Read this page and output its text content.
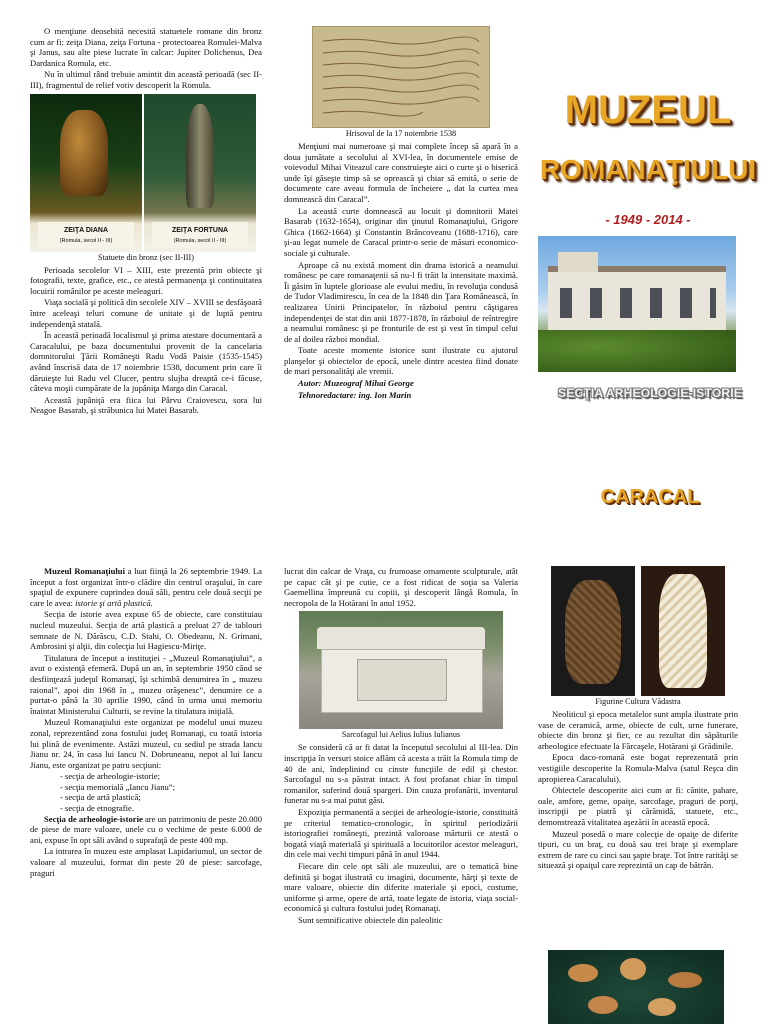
O menţiune deosebită necesită statuetele romane din bronz cum ar fi: zeiţa Diana, zeiţa Fortuna - protectoarea Romulei-Malva şi Janus, sau alte piese lucrate în calcar: Jupiter Dolichenus, Dea Dardanica Romula, etc.

Nu în ultimul rând trebuie amintit din această perioadă (sec II-III), fragmentul de relief votiv descoperit la Romula.

ZEIŢA DIANA
(Romula, secol II - III)
ZEIŢA FORTUNA
(Romula, secol II - III)
Statuete din bronz (sec II-III)

Perioada secolelor VI – XIII, este prezentă prin obiecte şi fotografii, texte, grafice, etc., ce atestă permanenţa şi continuitatea locuirii românilor pe aceste meleaguri.

Viaţa socială şi politică din secolele XIV – XVIII se desfăşoară între aceleaşi teluri comune de unitate şi de luptă pentru independenţă statală.

În această perioadă localismul şi prima atestare documentară a Caracalului, pe baza documentului provenit de la cancelaria domnitorului Ţării Româneşti Radu Vodă Paisie (1535-1545) având înscrisă data de 17 noiembrie 1538, document prin care îi dăruieşte lui Radu vel Clucer, pentru slujba dreaptă ce-i făcuse, câteva moşii cumpărate de la jupâniţa Marga din Caracal.

Această jupâniţă era fiica lui Pârvu Craiovescu, sora lui Neagoe Basarab, şi străbunica lui Matei Basarab.

Hrisovul de la 17 noiembrie 1538

Menţiuni mai numeroase şi mai complete încep să apară în a doua jumătate a secolului al XVI-lea, în documentele emise de voievodul Mihai Viteazul care construieşte aici o curte şi o biserică unde îşi găseşte timp să se oprească şi chiar să emită, o serie de documente care aveau formula de încheiere „ dat la curtea mea domnească din Caracal”.

La această curte domnească au locuit şi domnitorii Matei Basarab (1632-1654), originar din ţinutul Romanaţiului, Grigore Ghica (1662-1664) şi Constantin Brâncoveanu (1688-1716), care şi-au legat numele de Caracal printr-o serie de măsuri economico-sociale şi culturale.

Aproape că nu există moment din drama istorică a neamului românesc pe care romanaţenii să nu-l fi trăit la intensitate maximă. Îi găsim în luptele glorioase ale evului mediu, în revoluţia condusă de Tudor Vladimirescu, în cea de la 1848 din Ţara Românească, în realizarea Unirii Principatelor, în războiul pentru câştigarea independenţei de stat din anii 1877-1878, în războiul de reîntregire a neamului românesc şi pe fronturile de est şi vest în timpul celui de al doilea război mondial.

Toate aceste momente istorice sunt ilustrate cu ajutorul planşelor şi obiectelor de epocă, unele dintre acestea fiind donate de mari personalităţi ale vremii.

Autor: Muzeograf Mihai George

Tehnoredactare: ing. Ion Marin

MUZEUL
ROMANAŢIULUI
- 1949 - 2014 -
SECŢIA ARHEOLOGIE-ISTORIE
CARACAL

Muzeul Romanaţiului a luat fiinţă la 26 septembrie 1949. La început a fost organizat într-o clădire din centrul oraşului, în care spaţiul de expunere cuprindea două săli, pentru cele două secţii pe care le avea: istorie şi artă plastică.

Secţia de istorie avea expuse 65 de obiecte, care constituiau nucleul muzeului. Secţia de artă plastică a preluat 27 de tablouri semnate de N. Dărăscu, C.D. Stahi, O. Obedeanu, N. Grimani, Ambrosini şi alţii, din colecţia lui Hagiescu-Miriţe.

Titulatura de început a instituţiei - „Muzeul Romanaţiului”, a avut o existenţă efemeră. După un an, în septembrie 1950 când se desfiinţează judeţul Romanaţi, îşi schimbă denumirea în „ muzeu raional”, apoi din 1968 în „ muzeu orăşenesc”, denumire ce a purtat-o până la 30 aprilie 1990, când în urma unui memoriu înaintat Ministerului Culturii, se revine la titulatura iniţială.

Muzeul Romanaţiului este organizat pe modelul unui muzeu zonal, reprezentând zona fostului judeţ Romanaţi, cu toată istoria lui plină de evenimente. Astăzi muzeul, cu sediul pe strada Iancu Jianu nr. 24, în casa lui Iancu N. Dobruneanu, nepot al lui Iancu Jianu, este organizat pe patru secţiuni:

- secţia de arheologie-istorie;
- secţia memorială „Iancu Jianu”;
- secţia de artă plastică;
- secţia de etnografie.

Secţia de arheologie-istorie are un patrimoniu de peste 20.000 de piese de mare valoare, unele cu o vechime de peste 6.000 de ani, expuse în opt săli având o suprafaţă de peste 400 mp.

La intrarea în muzeu este amplasat Lapidariumul, un sector de valoare al muzeului, format din peste 20 de piese: sarcofage, praguri

lucrat din calcar de Vraţa, cu frumoase ornamente sculpturale, atât pe capac cât şi pe cutie, ce a fost ridicat de soţia sa Valeria Gaemellina împreună cu copiii, şi descoperit lângă Romula, în necropola de la Hotărani în anul 1952.

Sarcofagul lui Aelius Iulius Iulianus

Se consideră că ar fi datat la începutul secolului al III-lea. Din inscripţia în versuri stoice aflăm că acesta a trăit la Romula timp de 40 de ani, îndeplinind cu cinste funcţiile de edil şi chestor. Sarcofagul nu s-a păstrat intact. A fost profanat chiar în timpul romanilor, suferind două spargeri. Din cauza profanării, inventarul funerar nu s-a mai putut găsi.

Expoziţia permanentă a secţiei de arheologie-istorie, constituită pe criteriul tematico-cronologic, în spiritul periodizării istoriografiei româneşti, prezintă valoroase mărturii ce atestă o bogată viaţă materială şi spirituală a locuitorilor acestor meleaguri, din cele mai vechi timpuri până în anul 1944.

Fiecare din cele opt săli ale muzeului, are o tematică bine definită şi bogat ilustrată cu imagini, documente, hărţi şi texte de mare valoare, obiecte din diferite materiale şi epoci, costume, uniforme şi arme, opere de artă, toate legate de istoria, viaţa social-economică şi cultura fostului judeţ Romanaţi.

Sunt semnificative obiectele din paleolitic

Figurine Cultura Vădastra

Neoliticul şi epoca metalelor sunt ampla ilustrate prin vase de ceramică, arme, obiecte de cult, urne funerare, obiecte din bronz şi fier, ce au rezultat din săpăturile arheologice efectuate la Fărcaşele, Hotărani şi Grădinile.

Epoca daco-romană este bogat reprezentată prin vestigiile descoperite la Romula-Malva (satul Reşca din apropierea Caracalului).

Obiectele descoperite aici cum ar fi: cănite, pahare, oale, amfore, geme, opaiţe, sarcofage, praguri de porţi, inscripţii pe piatră şi cărămidă, statuete, etc., demonstrează vitalitatea aşezării în această epocă.

Muzeul posedă o mare colecţie de opaiţe de diferite tipuri, cu un braţ, cu două sau trei braţe şi exemplare extrem de rare cu cinci sau şapte braţe. Tot între rarităţi se situează şi opaiţul care reprezintă un cap de bătrân.
